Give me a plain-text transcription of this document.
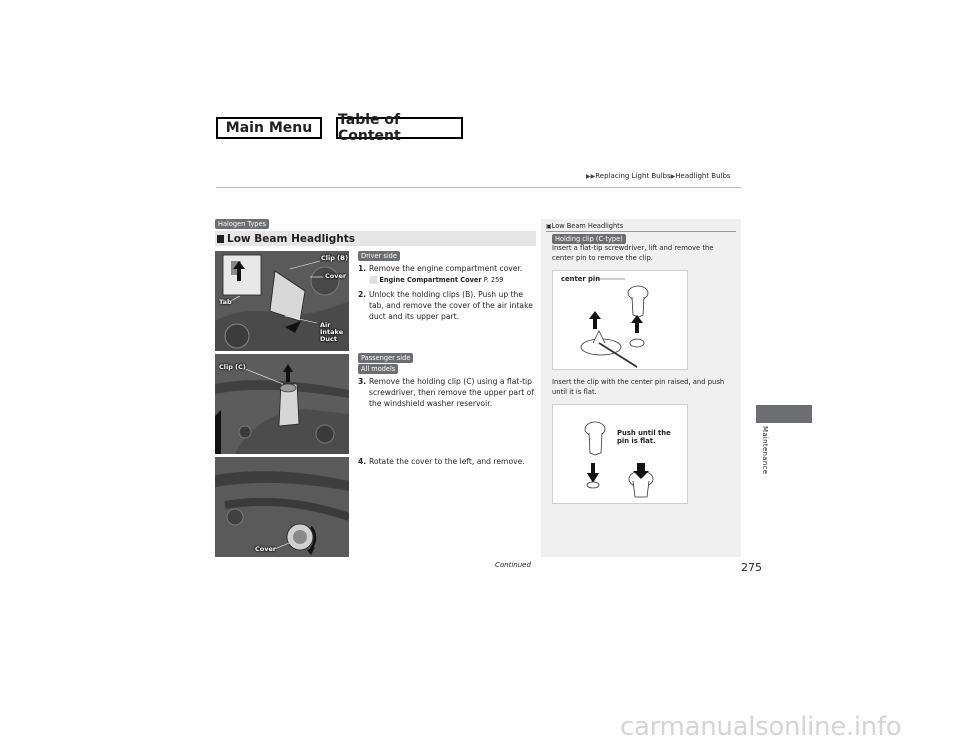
Main Menu	Table of Content
▶▶Replacing Light Bulbs▶Headlight Bulbs
Halogen Types
Low Beam Headlights
Clip (B)
Cover
Tab
Air
Intake
Duct
Clip (C)
Cover
Driver side
1. Remove the engine compartment cover.
⬜ Engine Compartment Cover P. 259
2. Unlock the holding clips (B). Push up the tab, and remove the cover of the air intake duct and its upper part.
Passenger side
All models
3. Remove the holding clip (C) using a flat-tip screwdriver, then remove the upper part of the windshield washer reservoir.
4. Rotate the cover to the left, and remove.
▣Low Beam Headlights
Holding clip (C-type)
Insert a flat-tip screwdriver, lift and remove the center pin to remove the clip.
center pin
Insert the clip with the center pin raised, and push until it is flat.
Push until the
pin is flat.	Maintenance
Continued	275
carmanualsonline.info
